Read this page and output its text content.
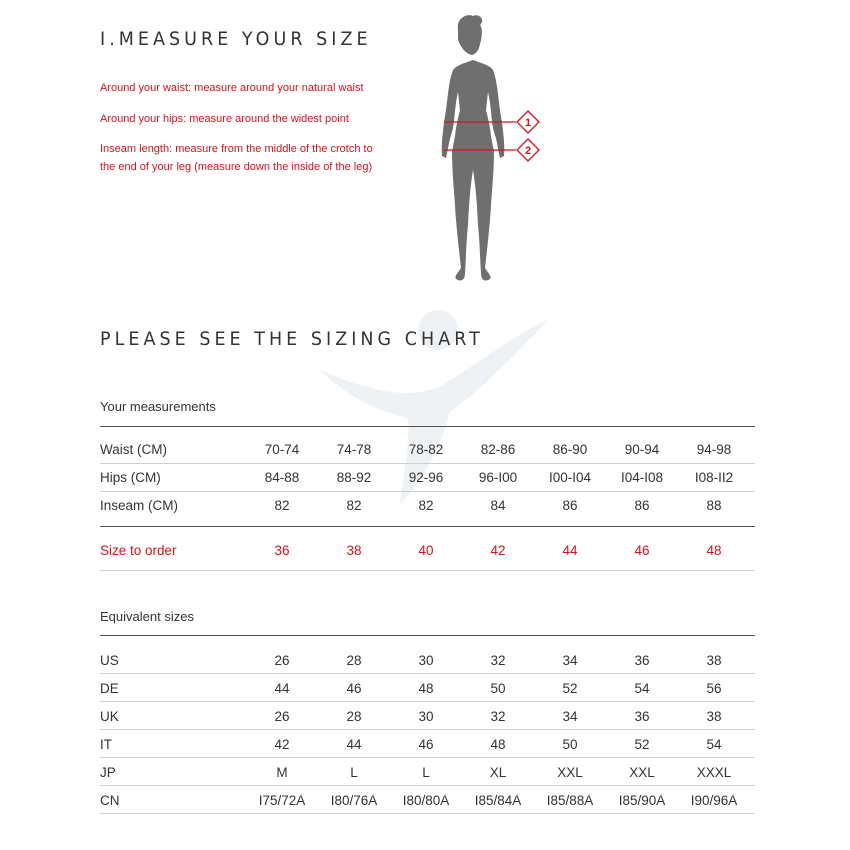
I.MEASURE YOUR SIZE

Around your waist: measure around your natural waist

Around your hips: measure around the widest point

Inseam length: measure from the middle of the crotch to the end of your leg (measure down the inside of the leg)

1
2
PLEASE SEE THE SIZING CHART
Your measurements
Waist (CM)	70-74	74-78	78-82	82-86	86-90	90-94	94-98
Hips (CM)	84-88	88-92	92-96	96-I00	I00-I04	I04-I08	I08-II2
Inseam (CM)	82	82	82	84	86	86	88
Size to order	36	38	40	42	44	46	48
Equivalent sizes
US	26	28	30	32	34	36	38
DE	44	46	48	50	52	54	56
UK	26	28	30	32	34	36	38
IT	42	44	46	48	50	52	54
JP	M	L	L	XL	XXL	XXL	XXXL
CN	I75/72A	I80/76A	I80/80A	I85/84A	I85/88A	I85/90A	I90/96A
